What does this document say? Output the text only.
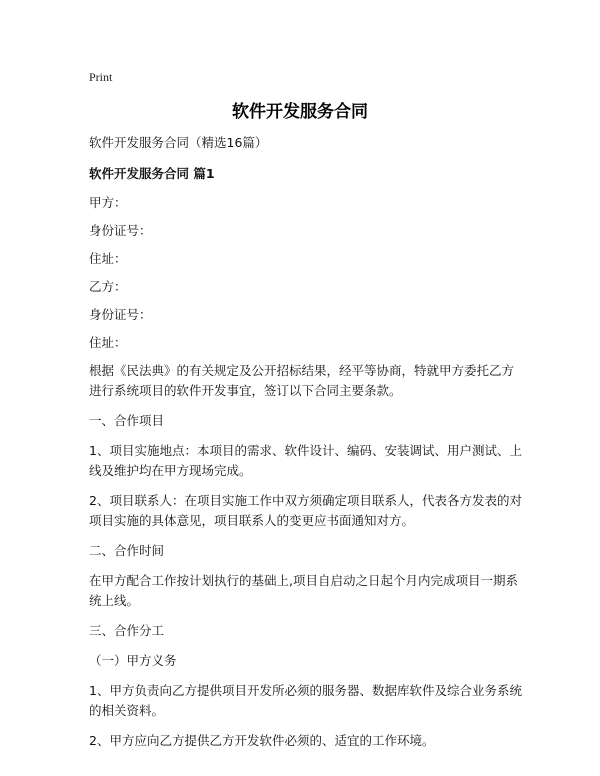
Print
软件开发服务合同
软件开发服务合同（精选16篇）
软件开发服务合同 篇1
甲方：
身份证号：
住址：
乙方：
身份证号：
住址：
根据《民法典》的有关规定及公开招标结果，经平等协商，特就甲方委托乙方进行系统项目的软件开发事宜，签订以下合同主要条款。
一、合作项目
1、项目实施地点：本项目的需求、软件设计、编码、安装调试、用户测试、上线及维护均在甲方现场完成。
2、项目联系人：在项目实施工作中双方须确定项目联系人，代表各方发表的对项目实施的具体意见，项目联系人的变更应书面通知对方。
二、合作时间
在甲方配合工作按计划执行的基础上,项目自启动之日起个月内完成项目一期系统上线。
三、合作分工
（一）甲方义务
1、甲方负责向乙方提供项目开发所必须的服务器、数据库软件及综合业务系统的相关资料。
2、甲方应向乙方提供乙方开发软件必须的、适宜的工作环境。
